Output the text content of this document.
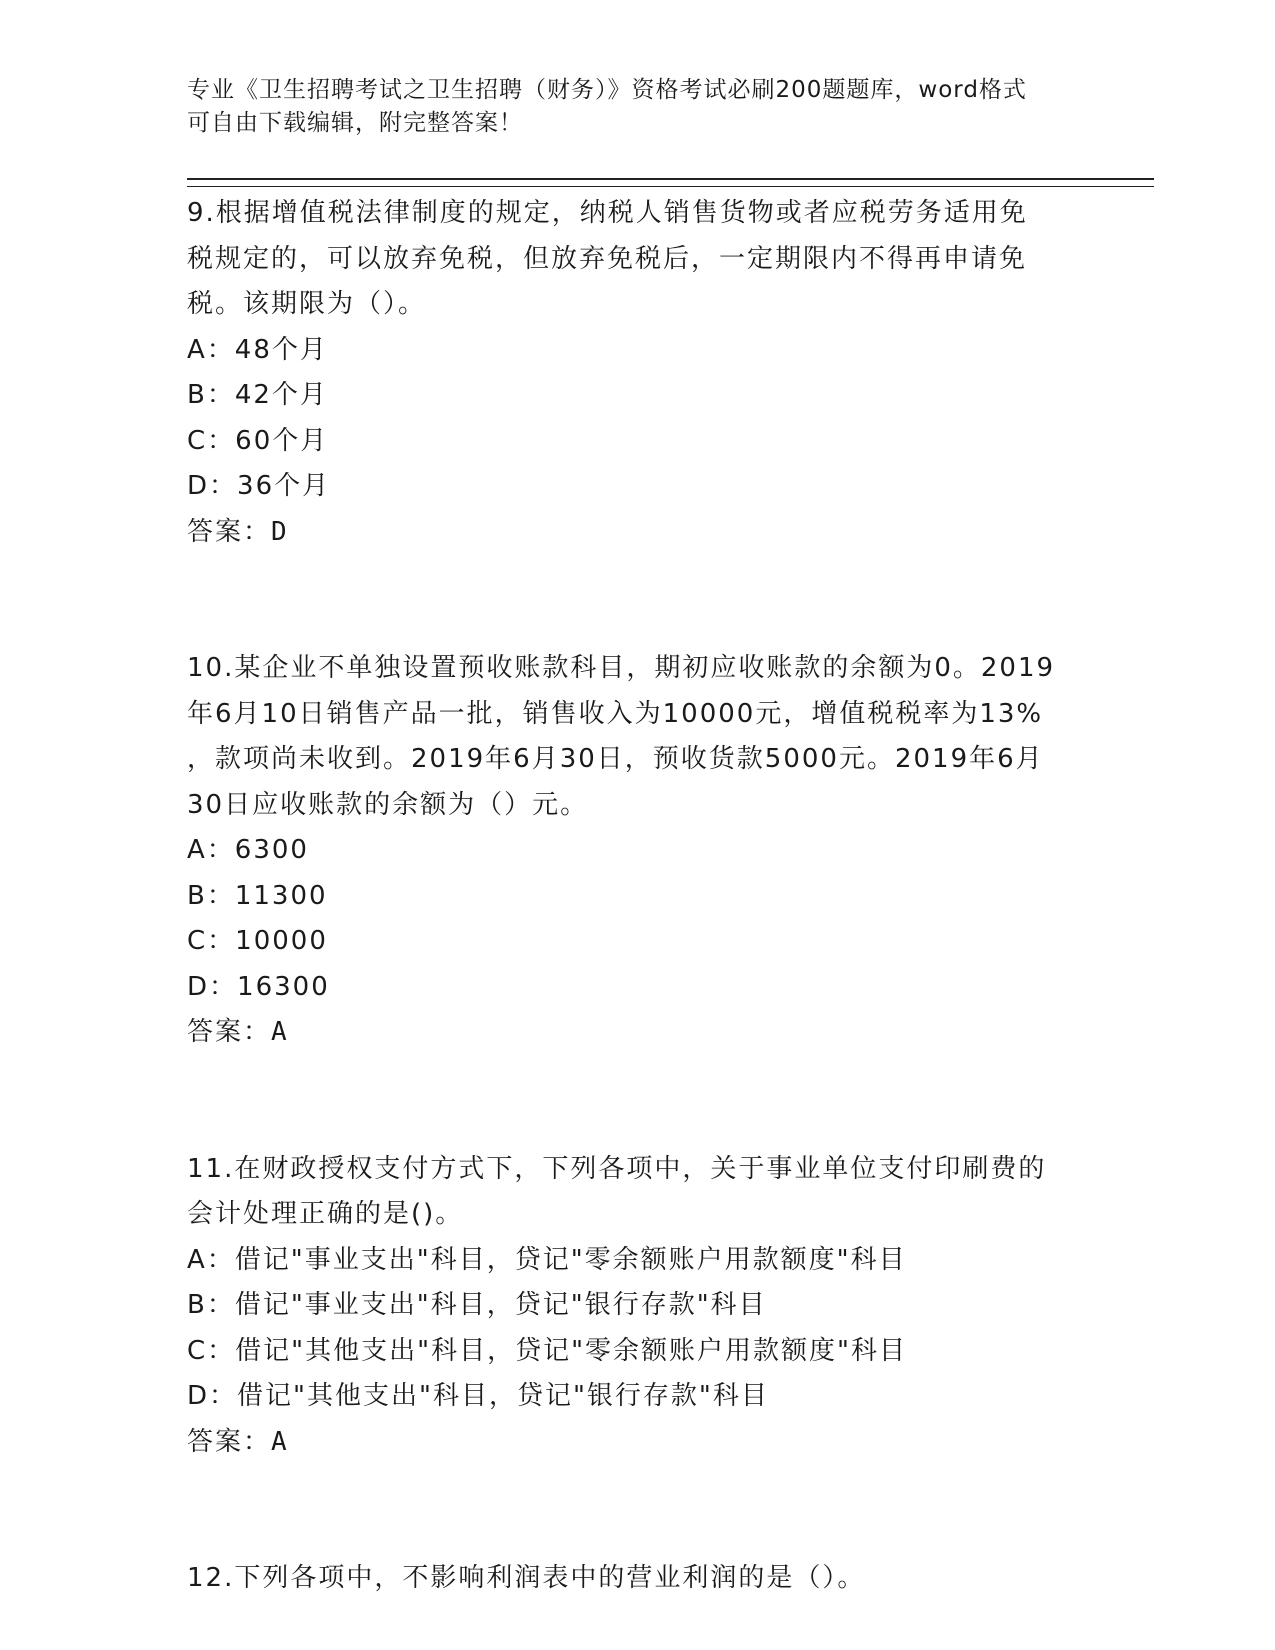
专业《卫生招聘考试之卫生招聘（财务）》资格考试必刷200题题库，word格式
可自由下载编辑，附完整答案！
9.根据增值税法律制度的规定，纳税人销售货物或者应税劳务适用免
税规定的，可以放弃免税，但放弃免税后，一定期限内不得再申请免
税。该期限为（）。
A：48个月
B：42个月
C：60个月
D：36个月
答案：D
10.某企业不单独设置预收账款科目，期初应收账款的余额为0。2019
年6月10日销售产品一批，销售收入为10000元，增值税税率为13%
，款项尚未收到。2019年6月30日，预收货款5000元。2019年6月
30日应收账款的余额为（）元。
A：6300
B：11300
C：10000
D：16300
答案：A
11.在财政授权支付方式下，下列各项中，关于事业单位支付印刷费的
会计处理正确的是()。
A：借记"事业支出"科目，贷记"零余额账户用款额度"科目
B：借记"事业支出"科目，贷记"银行存款"科目
C：借记"其他支出"科目，贷记"零余额账户用款额度"科目
D：借记"其他支出"科目，贷记"银行存款"科目
答案：A
12.下列各项中，不影响利润表中的营业利润的是（）。
